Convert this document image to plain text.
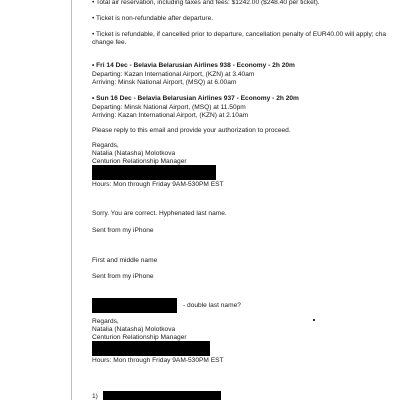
• Total air reservation, including taxes and fees: $1242.00 ($248.40 per ticket).
• Ticket is non-refundable after departure.
• Ticket is refundable, if cancelled prior to departure, cancellation penalty of EUR40.00 will apply; cha
change fee.
• Fri 14 Dec - Belavia Belarusian Airlines 938 - Economy - 2h 20m
Departing: Kazan International Airport, (KZN) at 3.40am
Arriving: Minsk National Airport, (MSQ) at 6.00am
• Sun 16 Dec - Belavia Belarusian Airlines 937 - Economy - 2h 20m
Departing: Minsk National Airport, (MSQ) at 11.50pm
Arriving: Kazan International Airport, (KZN) at 2.10am
Please reply to this email and provide your authorization to proceed.
Regards,
Natalia (Natasha) Molotkova
Centurion Relationship Manager
Hours: Mon through Friday 9AM-530PM EST
Sorry. You are correct. Hyphenated last name.
Sent from my iPhone
First and middle name
Sent from my iPhone
- double last name?
Regards,
Natalia (Natasha) Molotkova
Centurion Relationship Manager
Hours: Mon through Friday 9AM-530PM EST
1)
